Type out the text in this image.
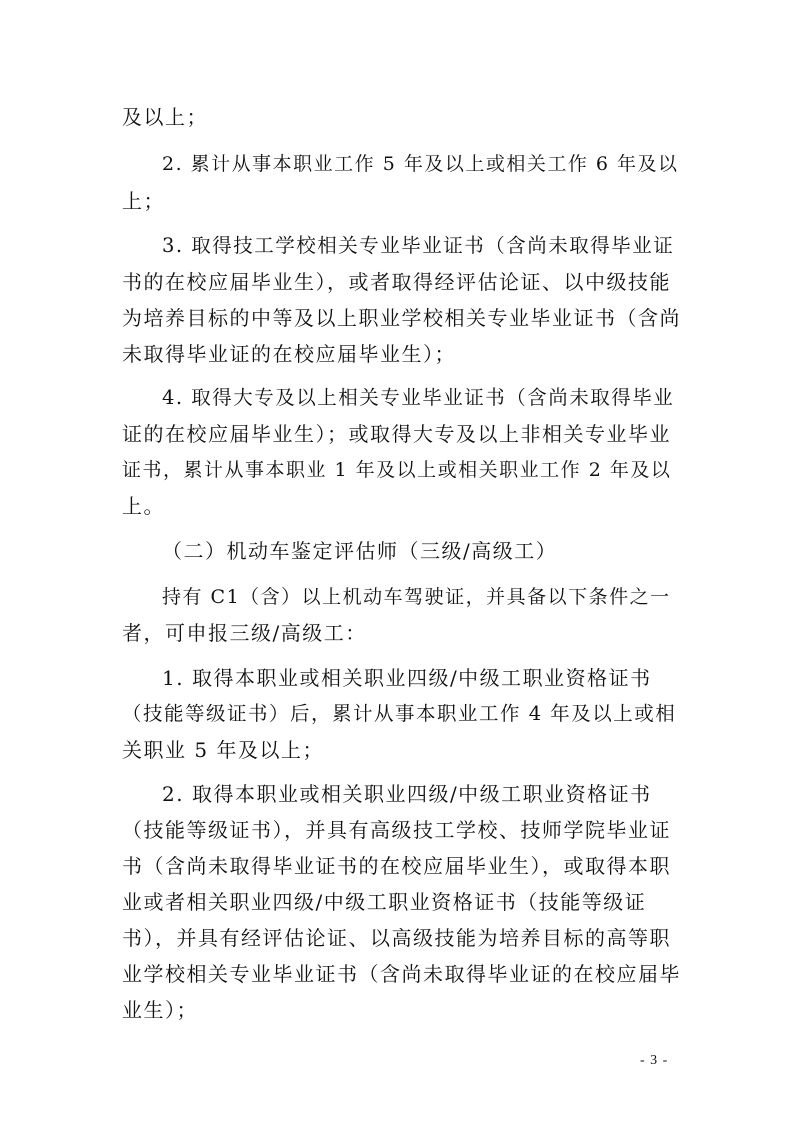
及以上；
2. 累计从事本职业工作 5 年及以上或相关工作 6 年及以
上；
3. 取得技工学校相关专业毕业证书（含尚未取得毕业证
书的在校应届毕业生），或者取得经评估论证、以中级技能
为培养目标的中等及以上职业学校相关专业毕业证书（含尚
未取得毕业证的在校应届毕业生）；
4. 取得大专及以上相关专业毕业证书（含尚未取得毕业
证的在校应届毕业生）；或取得大专及以上非相关专业毕业
证书，累计从事本职业 1 年及以上或相关职业工作 2 年及以
上。
（二）机动车鉴定评估师（三级/高级工）
持有 C1（含）以上机动车驾驶证，并具备以下条件之一
者，可申报三级/高级工：
1. 取得本职业或相关职业四级/中级工职业资格证书
（技能等级证书）后，累计从事本职业工作 4 年及以上或相
关职业 5 年及以上；
2. 取得本职业或相关职业四级/中级工职业资格证书
（技能等级证书），并具有高级技工学校、技师学院毕业证
书（含尚未取得毕业证书的在校应届毕业生），或取得本职
业或者相关职业四级/中级工职业资格证书（技能等级证
书），并具有经评估论证、以高级技能为培养目标的高等职
业学校相关专业毕业证书（含尚未取得毕业证的在校应届毕
业生）；
- 3 -
